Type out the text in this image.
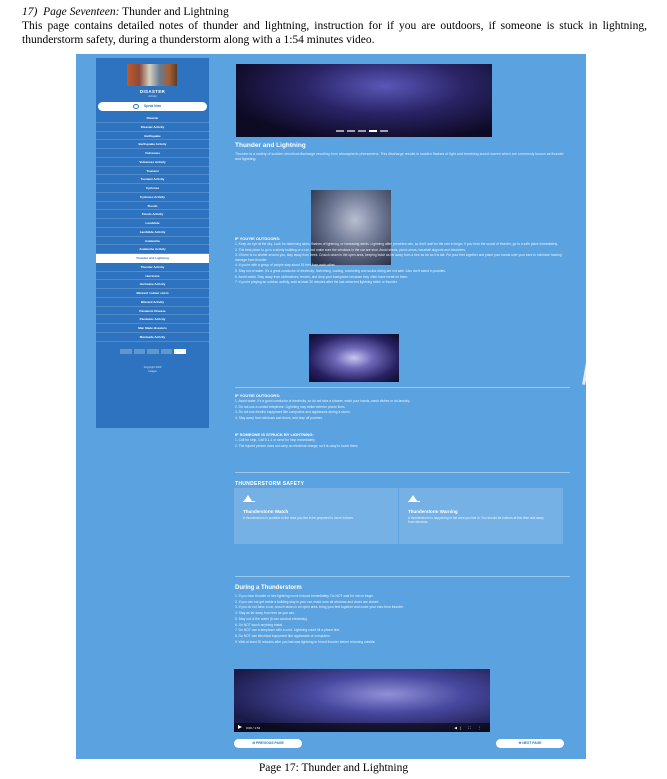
17) Page Seventeen: Thunder and Lightning

This page contains detailed notes of thunder and lightning, instruction for if you are outdoors, if someone is stuck in lightning, thunderstorm safety, during a thunderstorm along with a 1:54 minutes video.

DISASTER
Activity
Speak Now
Disaster
Disaster Activity
Earthquake
Earthquake Activity
Volcanoes
Volcanoes Activity
Tsunami
Tsunami Activity
Cyclones
Cyclones Activity
Floods
Floods Activity
Landslide
Landslide Activity
Avalanche
Avalanche Activity
Thunder and Lightning
Thunder Activity
Hurricane
Hurricane Activity
Blizzard / winter storm
Blizzard Activity
Pandemic Disease
Pandemic Activity
Man Made disasters
Manmade Activity
›
Copyright 2020
Images
Thunder and Lightning

Thunder is a variety of sudden electrical discharge resulting from atmospheric phenomena. This discharge results in sudden flashes of light and trembling sound waves which are commonly known as thunder and lightning.

IF YOU'RE OUTDOORS:
1. Keep an eye at the sky. Look for darkening skies, flashes of lightning, or increasing winds. Lightning often precedes rain, so don't wait for the rain to begin. If you hear the sound of thunder, go to a safe place immediately.
2. The best place to go is a sturdy building or a car, but make sure the windows in the car are shut. Avoid sheds, picnic areas, baseball dugouts and bleachers.
3. If there is no shelter around you, stay away from trees. Crouch down in the open area, keeping twice as far away from a tree as far as it is tall. Put your feet together and place your hands over your ears to minimize hearing damage from thunder.
4. If you're with a group of people stay about 15 feet from each other.
5. Stay out of water. It's a great conductor of electricity. Swimming, wading, snorkeling and scuba diving are not safe. Also don't stand in puddles.
6. Avoid metal. Stay away from clotheslines, fences, and drop your backpacks because they often have metal on them.
7. If you're playing an outdoor activity, wait at least 30 minutes after the last observed lightning strike or thunder.
IF YOU'RE OUTDOORS:
1. Avoid water. It's a good conductor of electricity, so do not take a shower, wash your hands, wash dishes or do laundry.
2. Do not use a corded telephone. Lightning may strike exterior phone lines.
3. Do not use electric equipment like computers and appliances during a storm.
4. Stay away from windows and doors, and stay off porches.
IF SOMEONE IS STRUCK BY LIGHTNING:
1. Call for help. Call 9-1-1 or send for help immediately.
2. The injured person does not carry an electrical charge, so it is okay to touch them.
THUNDERSTORM SAFETY
Thunderstorm Watch
A thunderstorm is possible in the area you live in be prepared to move indoors.
Thunderstorm Warning
A thunderstorm is happening in the area you live in. You should be indoors at this time and away from windows.
During a Thunderstorm
1. If you hear thunder or see lightning move indoors immediately. Do NOT wait for rain to begin.
2. If you can not get inside a building stay in your car, make sure all windows and doors are closed.
3. If you do not have a car, crouch down in an open area, bring your feet together and cover your ears from thunder.
4. Stay as far away from tree as you can.
5. Stay out of the water (it can conduct electricity).
6. Do NOT touch anything metal.
7. Do NOT use a telephone with a cord. Lightning could hit a phone line.
8. Do NOT use electrical equipment like appliances or computers.
9. Wait at least 30 minutes after you last saw lightning or heard thunder before returning outside.
0:00 / 1:54	◀) ⛶ ⋮
⊖ PREVIOUS PAGE	⊖ NEXT PAGE
Page 17: Thunder and Lightning
